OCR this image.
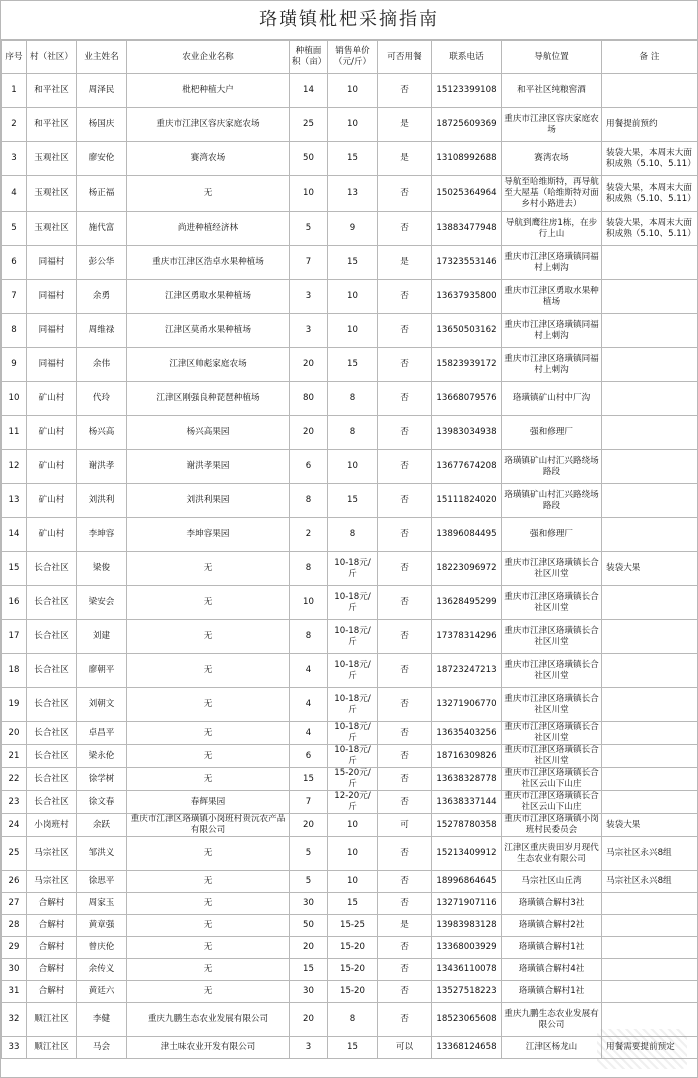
珞璜镇枇杷采摘指南
序号	村（社区）	业主姓名	农业企业名称	种植面积（亩）	销售单价（元/斤）	可否用餐	联系电话	导航位置	备 注
1	和平社区	周泽民	枇杷种植大户	14	10	否	15123399108	和平社区纯粮窖酒	
2	和平社区	杨国庆	重庆市江津区容庆家庭农场	25	10	是	18725609369	重庆市江津区容庆家庭农场	用餐提前预约
3	玉观社区	廖安伦	赛湾农场	50	15	是	13108992688	赛湾农场	装袋大果，本周末大面积成熟（5.10、5.11）
4	玉观社区	杨正福	无	10	13	否	15025364964	导航至哈维斯特，再导航至大屋基（哈维斯特对面乡村小路进去）	装袋大果，本周末大面积成熟（5.10、5.11）
5	玉观社区	施代富	尚进种植经济林	5	9	否	13883477948	导航到鹰往房1栋，在步行上山	装袋大果，本周末大面积成熟（5.10、5.11）
6	同福村	彭公华	重庆市江津区浩卓水果种植场	7	15	是	17323553146	重庆市江津区珞璜镇同福村上刺沟	
7	同福村	余勇	江津区勇取水果种植场	3	10	否	13637935800	重庆市江津区勇取水果种植场	
8	同福村	周维禄	江津区莫甬水果种植场	3	10	否	13650503162	重庆市江津区珞璜镇同福村上刺沟	
9	同福村	余伟	江津区帅彪家庭农场	20	15	否	15823939172	重庆市江津区珞璜镇同福村上刺沟	
10	矿山村	代玲	江津区刚强良种琵琶种植场	80	8	否	13668079576	珞璜镇矿山村中厂沟	
11	矿山村	杨兴高	杨兴高果园	20	8	否	13983034938	强和修理厂	
12	矿山村	谢洪孝	谢洪孝果园	6	10	否	13677674208	珞璜镇矿山村汇兴路绕场路段	
13	矿山村	刘洪利	刘洪利果园	8	15	否	15111824020	珞璜镇矿山村汇兴路绕场路段	
14	矿山村	李坤容	李坤容果园	2	8	否	13896084495	强和修理厂	
15	长合社区	梁俊	无	8	10-18元/斤	否	18223096972	重庆市江津区珞璜镇长合社区川堂	装袋大果
16	长合社区	梁安会	无	10	10-18元/斤	否	13628495299	重庆市江津区珞璜镇长合社区川堂	
17	长合社区	刘建	无	8	10-18元/斤	否	17378314296	重庆市江津区珞璜镇长合社区川堂	
18	长合社区	廖朝平	无	4	10-18元/斤	否	18723247213	重庆市江津区珞璜镇长合社区川堂	
19	长合社区	刘朝文	无	4	10-18元/斤	否	13271906770	重庆市江津区珞璜镇长合社区川堂	
20	长合社区	卓昌平	无	4	10-18元/斤	否	13635403256	重庆市江津区珞璜镇长合社区川堂	
21	长合社区	梁永伦	无	6	10-18元/斤	否	18716309826	重庆市江津区珞璜镇长合社区川堂	
22	长合社区	徐学树	无	15	15-20元/斤	否	13638328778	重庆市江津区珞璜镇长合社区云山下山庄	
23	长合社区	徐文春	春辉果园	7	12-20元/斤	否	13638337144	重庆市江津区珞璜镇长合社区云山下山庄	
24	小岗班村	余跃	重庆市江津区珞璜镇小岗班村贵沅农产品有限公司	20	10	可	15278780358	重庆市江津区珞璜镇小岗班村民委员会	装袋大果
25	马宗社区	邹洪义	无	5	10	否	15213409912	江津区重庆贵田岁月现代生态农业有限公司	马宗社区永兴8组
26	马宗社区	徐思平	无	5	10	否	18996864645	马宗社区山丘湾	马宗社区永兴8组
27	合解村	周家玉	无	30	15	否	13271907116	珞璜镇合解村3社	
28	合解村	黄章强	无	50	15-25	是	13983983128	珞璜镇合解村2社	
29	合解村	曾庆伦	无	20	15-20	否	13368003929	珞璜镇合解村1社	
30	合解村	余传义	无	15	15-20	否	13436110078	珞璜镇合解村4社	
31	合解村	黄廷六	无	30	15-20	否	13527518223	珞璜镇合解村1社	
32	顺江社区	李健	重庆九鹏生态农业发展有限公司	20	8	否	18523065608	重庆九鹏生态农业发展有限公司	
33	顺江社区	马会	津土味农业开发有限公司	3	15	可以	13368124658	江津区杨龙山	用餐需要提前预定
